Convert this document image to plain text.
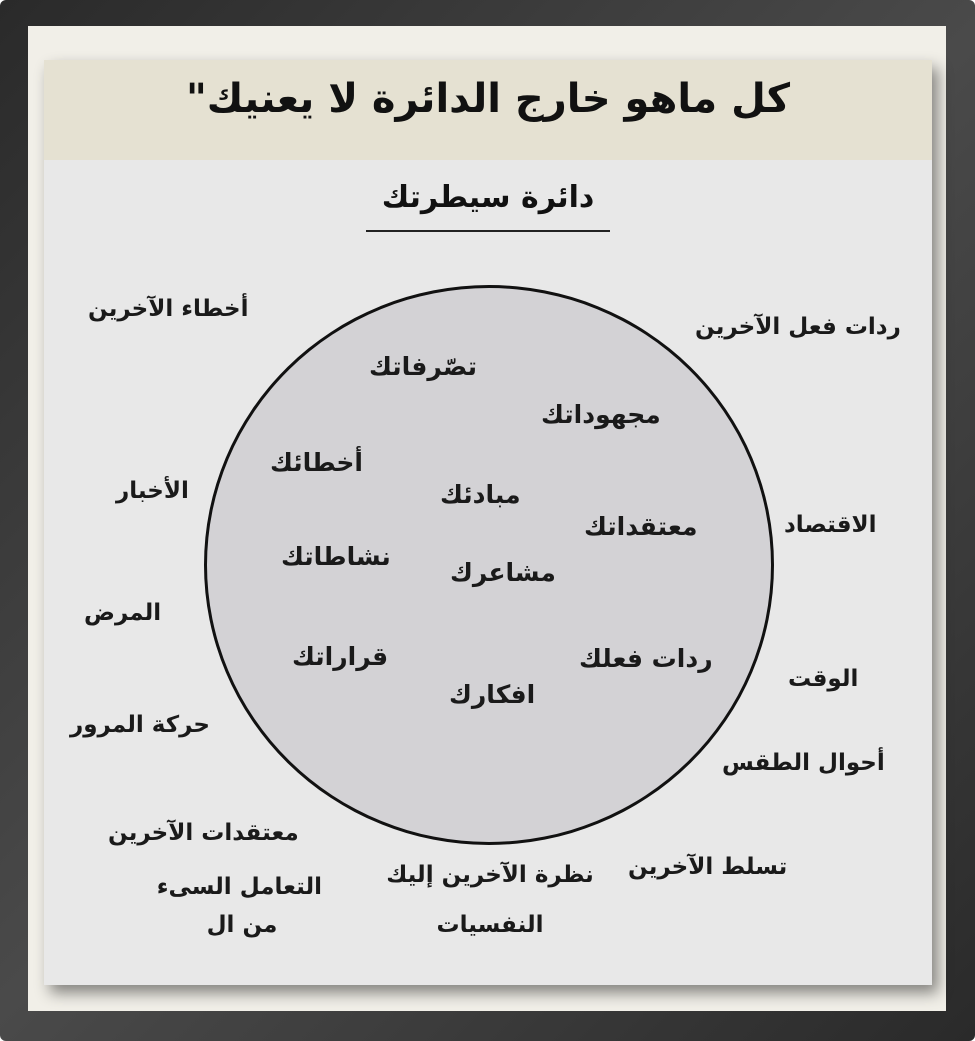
كل ماهو خارج الدائرة لا يعنيك"
دائرة سيطرتك
تصّرفاتك
مجهوداتك
أخطائك
مبادئك
معتقداتك
نشاطاتك
مشاعرك
قراراتك	ردات فعلك
افكارك
ردات فعل الآخرين
الاقتصاد
الوقت
أحوال الطقس
تسلط الآخرين
أخطاء الآخرين
الأخبار
المرض
حركة المرور
معتقدات الآخرين
التعامل السىء
من ال
نظرة الآخرين إليك
النفسيات
